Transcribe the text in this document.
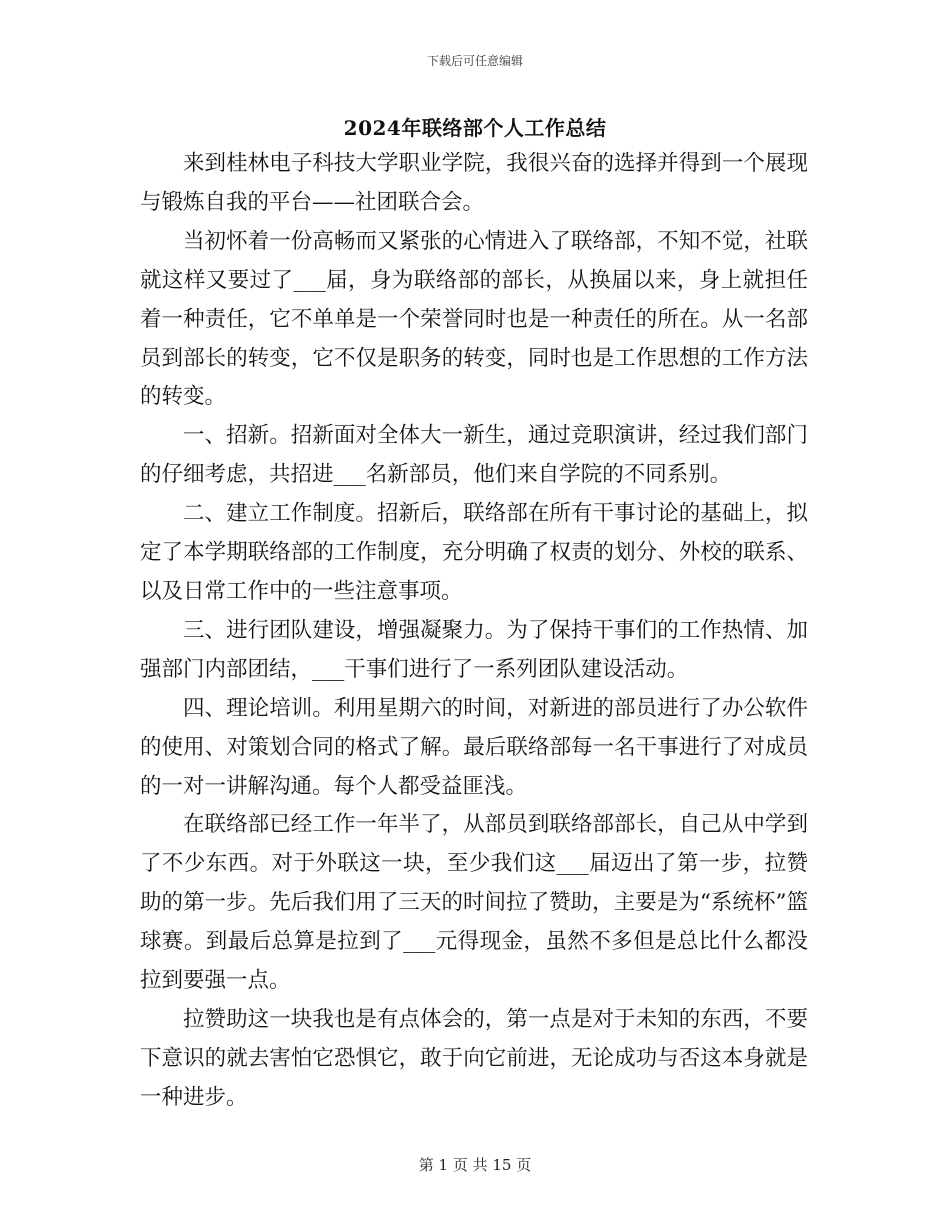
下载后可任意编辑
2024年联络部个人工作总结

来到桂林电子科技大学职业学院，我很兴奋的选择并得到一个展现与锻炼自我的平台——社团联合会。

当初怀着一份高畅而又紧张的心情进入了联络部，不知不觉，社联就这样又要过了___届，身为联络部的部长，从换届以来，身上就担任着一种责任，它不单单是一个荣誉同时也是一种责任的所在。从一名部员到部长的转变，它不仅是职务的转变，同时也是工作思想的工作方法的转变。

一、招新。招新面对全体大一新生，通过竞职演讲，经过我们部门的仔细考虑，共招进___名新部员，他们来自学院的不同系别。

二、建立工作制度。招新后，联络部在所有干事讨论的基础上，拟定了本学期联络部的工作制度，充分明确了权责的划分、外校的联系、以及日常工作中的一些注意事项。

三、进行团队建设，增强凝聚力。为了保持干事们的工作热情、加强部门内部团结，___干事们进行了一系列团队建设活动。

四、理论培训。利用星期六的时间，对新进的部员进行了办公软件的使用、对策划合同的格式了解。最后联络部每一名干事进行了对成员的一对一讲解沟通。每个人都受益匪浅。

在联络部已经工作一年半了，从部员到联络部部长，自己从中学到了不少东西。对于外联这一块，至少我们这___届迈出了第一步，拉赞助的第一步。先后我们用了三天的时间拉了赞助，主要是为“系统杯”篮球赛。到最后总算是拉到了___元得现金，虽然不多但是总比什么都没拉到要强一点。

拉赞助这一块我也是有点体会的，第一点是对于未知的东西，不要下意识的就去害怕它恐惧它，敢于向它前进，无论成功与否这本身就是一种进步。

第 1 页 共 15 页
